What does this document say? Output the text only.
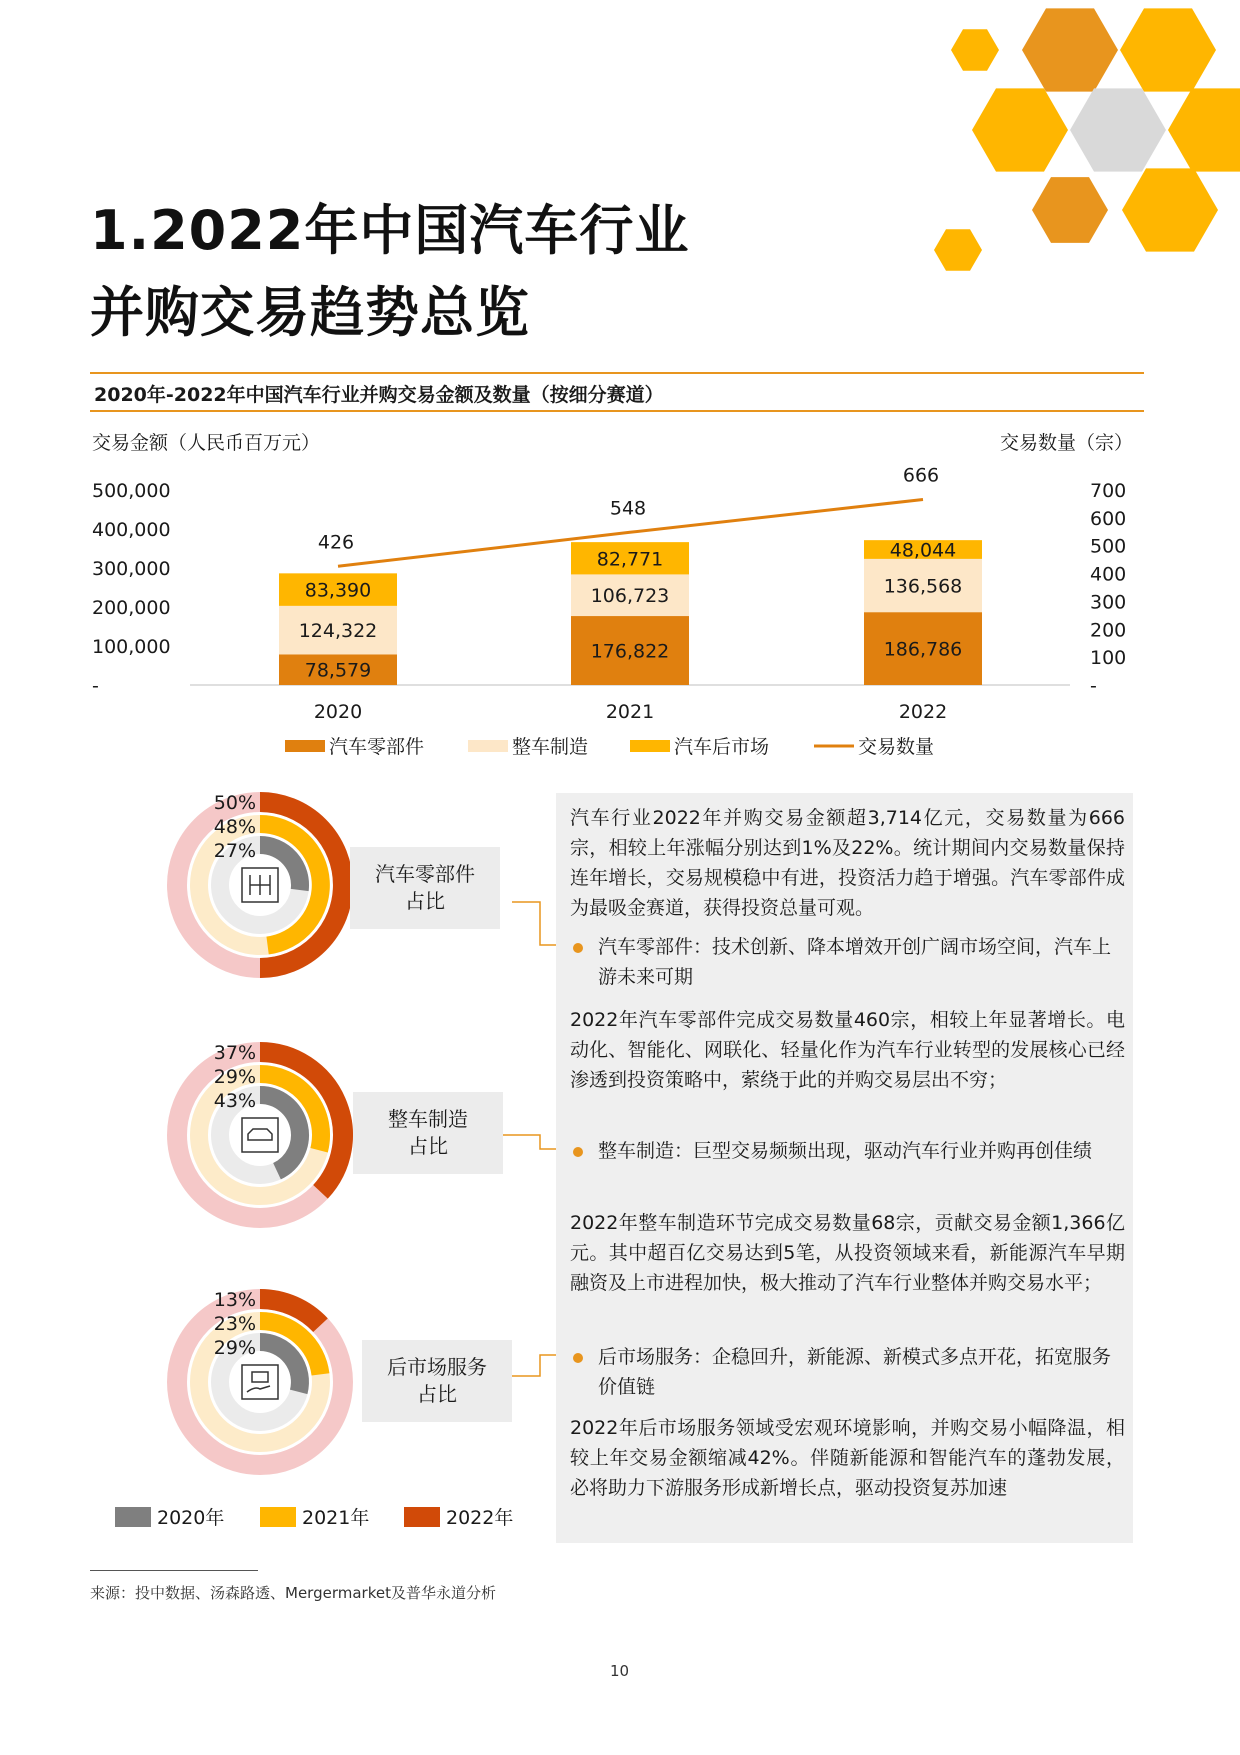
1.2022年中国汽车行业
并购交易趋势总览
2020年-2022年中国汽车行业并购交易金额及数量（按细分赛道）
交易金额（人民币百万元）	交易数量（宗）
500,000
400,000
300,000
200,000
100,000
-
700
600
500
400
300
200
100
-
78,579
124,322
83,390
2020
176,822
106,723
82,771
2021
186,786
136,568
48,044
2022
426
548
666
汽车零部件	整车制造	汽车后市场	交易数量
50%
48%
27%
37%
29%
43%
13%
23%
29%
汽车零部件
占比
整车制造
占比
后市场服务
占比
汽车行业2022年并购交易金额超3,714亿元，交易数量为666宗，相较上年涨幅分别达到1%及22%。统计期间内交易数量保持连年增长，交易规模稳中有进，投资活力趋于增强。汽车零部件成为最吸金赛道，获得投资总量可观。
汽车零部件：技术创新、降本增效开创广阔市场空间，汽车上游未来可期
2022年汽车零部件完成交易数量460宗，相较上年显著增长。电动化、智能化、网联化、轻量化作为汽车行业转型的发展核心已经渗透到投资策略中，萦绕于此的并购交易层出不穷；
整车制造：巨型交易频频出现，驱动汽车行业并购再创佳绩
2022年整车制造环节完成交易数量68宗，贡献交易金额1,366亿元。其中超百亿交易达到5笔，从投资领域来看，新能源汽车早期融资及上市进程加快，极大推动了汽车行业整体并购交易水平；
后市场服务：企稳回升，新能源、新模式多点开花，拓宽服务价值链
2022年后市场服务领域受宏观环境影响，并购交易小幅降温，相较上年交易金额缩减42%。伴随新能源和智能汽车的蓬勃发展，必将助力下游服务形成新增长点，驱动投资复苏加速
2020年	2021年	2022年
来源：投中数据、汤森路透、Mergermarket及普华永道分析
10
